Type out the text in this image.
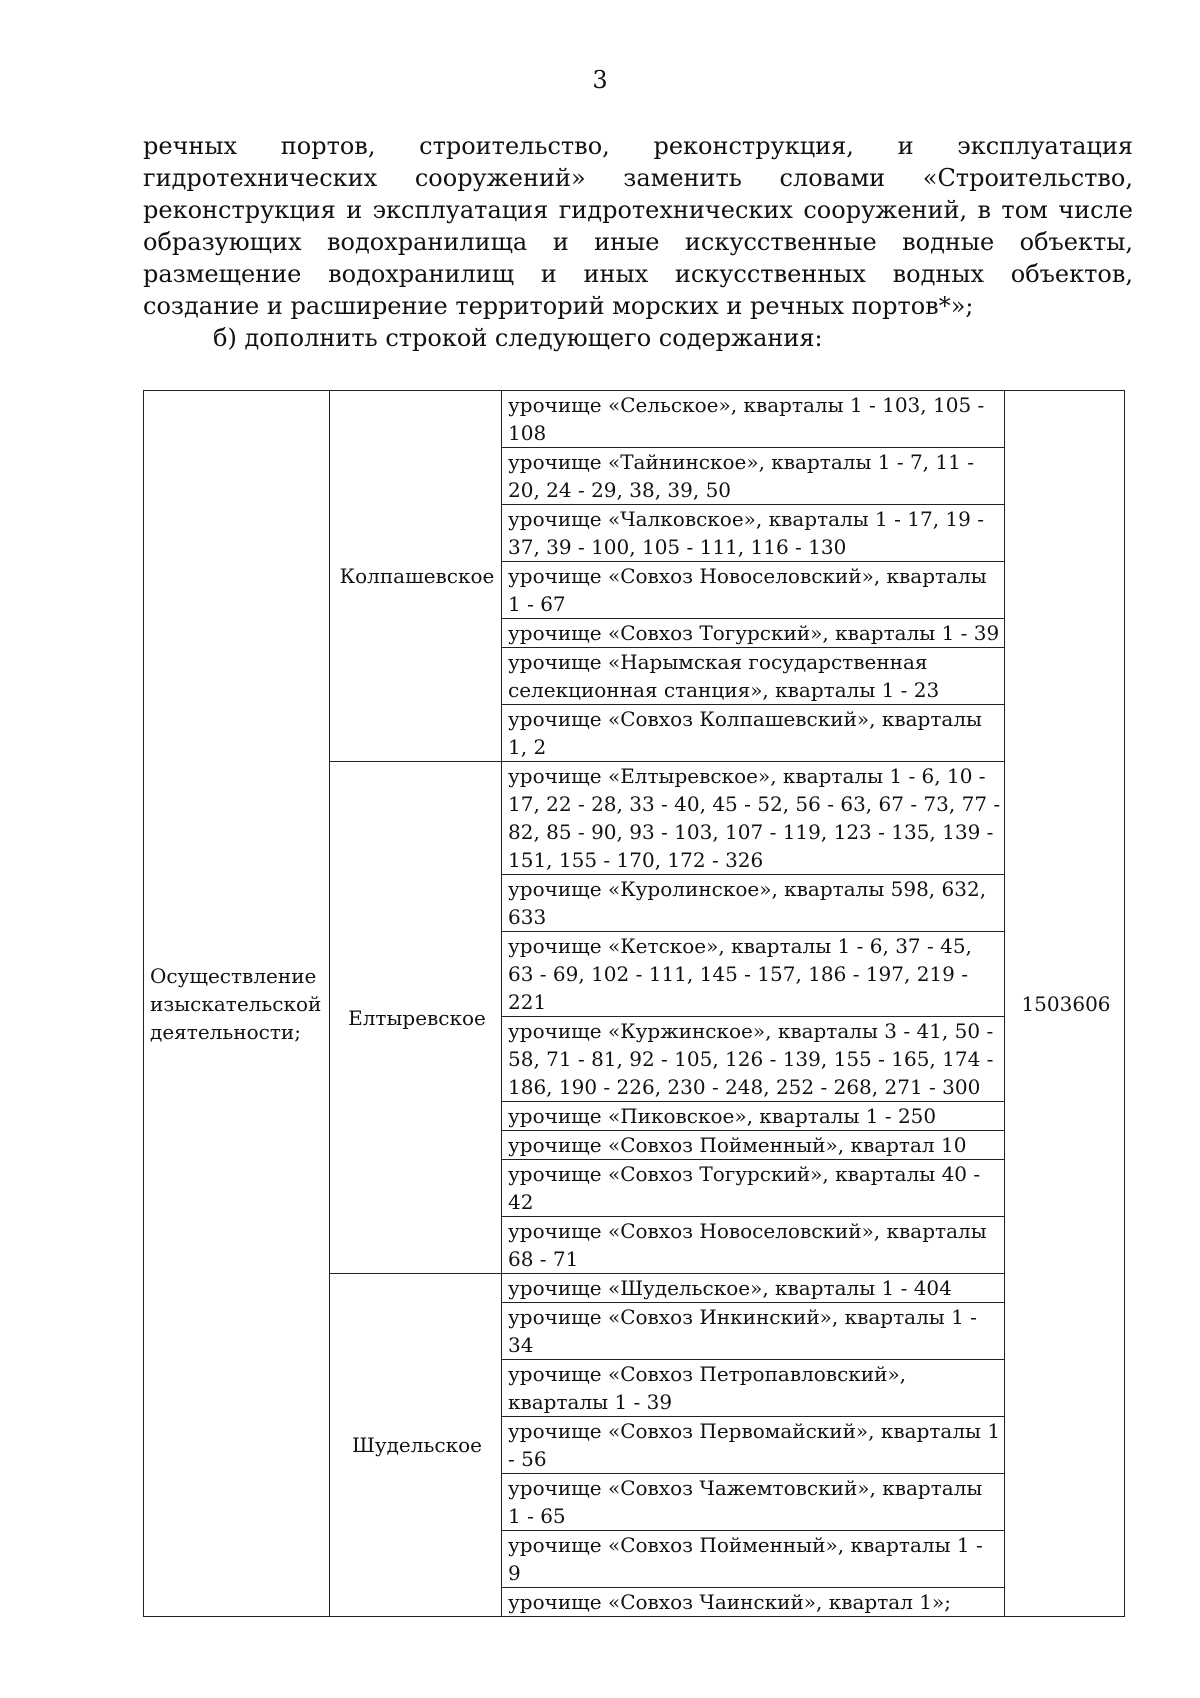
3

речных портов, строительство, реконструкция, и эксплуатация гидротехнических сооружений» заменить словами «Строительство, реконструкция и эксплуатация гидротехнических сооружений, в том числе образующих водохранилища и иные искусственные водные объекты, размещение водохранилищ и иных искусственных водных объектов, создание и расширение территорий морских и речных портов*»;

б) дополнить строкой следующего содержания:

Осуществление изыскательской деятельности;	Колпашевское	урочище «Сельское», кварталы 1 - 103, 105 - 108	1503606
		урочище «Тайнинское», кварталы 1 - 7, 11 - 20, 24 - 29, 38, 39, 50	
		урочище «Чалковское», кварталы 1 - 17, 19 - 37, 39 - 100, 105 - 111, 116 - 130	
		урочище «Совхоз Новоселовский», кварталы 1 - 67	
		урочище «Совхоз Тогурский», кварталы 1 - 39	
		урочище «Нарымская государственная селекционная станция», кварталы 1 - 23	
		урочище «Совхоз Колпашевский», кварталы 1, 2	
	Елтыревское	урочище «Елтыревское», кварталы 1 - 6, 10 - 17, 22 - 28, 33 - 40, 45 - 52, 56 - 63, 67 - 73, 77 - 82, 85 - 90, 93 - 103, 107 - 119, 123 - 135, 139 - 151, 155 - 170, 172 - 326	
		урочище «Куролинское», кварталы 598, 632, 633	
		урочище «Кетское», кварталы 1 - 6, 37 - 45, 63 - 69, 102 - 111, 145 - 157, 186 - 197, 219 - 221	
		урочище «Куржинское», кварталы 3 - 41, 50 - 58, 71 - 81, 92 - 105, 126 - 139, 155 - 165, 174 - 186, 190 - 226, 230 - 248, 252 - 268, 271 - 300	
		урочище «Пиковское», кварталы 1 - 250	
		урочище «Совхоз Пойменный», квартал 10	
		урочище «Совхоз Тогурский», кварталы 40 - 42	
		урочище «Совхоз Новоселовский», кварталы 68 - 71	
	Шудельское	урочище «Шудельское», кварталы 1 - 404	
		урочище «Совхоз Инкинский», кварталы 1 - 34	
		урочище «Совхоз Петропавловский», кварталы 1 - 39	
		урочище «Совхоз Первомайский», кварталы 1 - 56	
		урочище «Совхоз Чажемтовский», кварталы 1 - 65	
		урочище «Совхоз Пойменный», кварталы 1 - 9	
		урочище «Совхоз Чаинский», квартал 1»;	
